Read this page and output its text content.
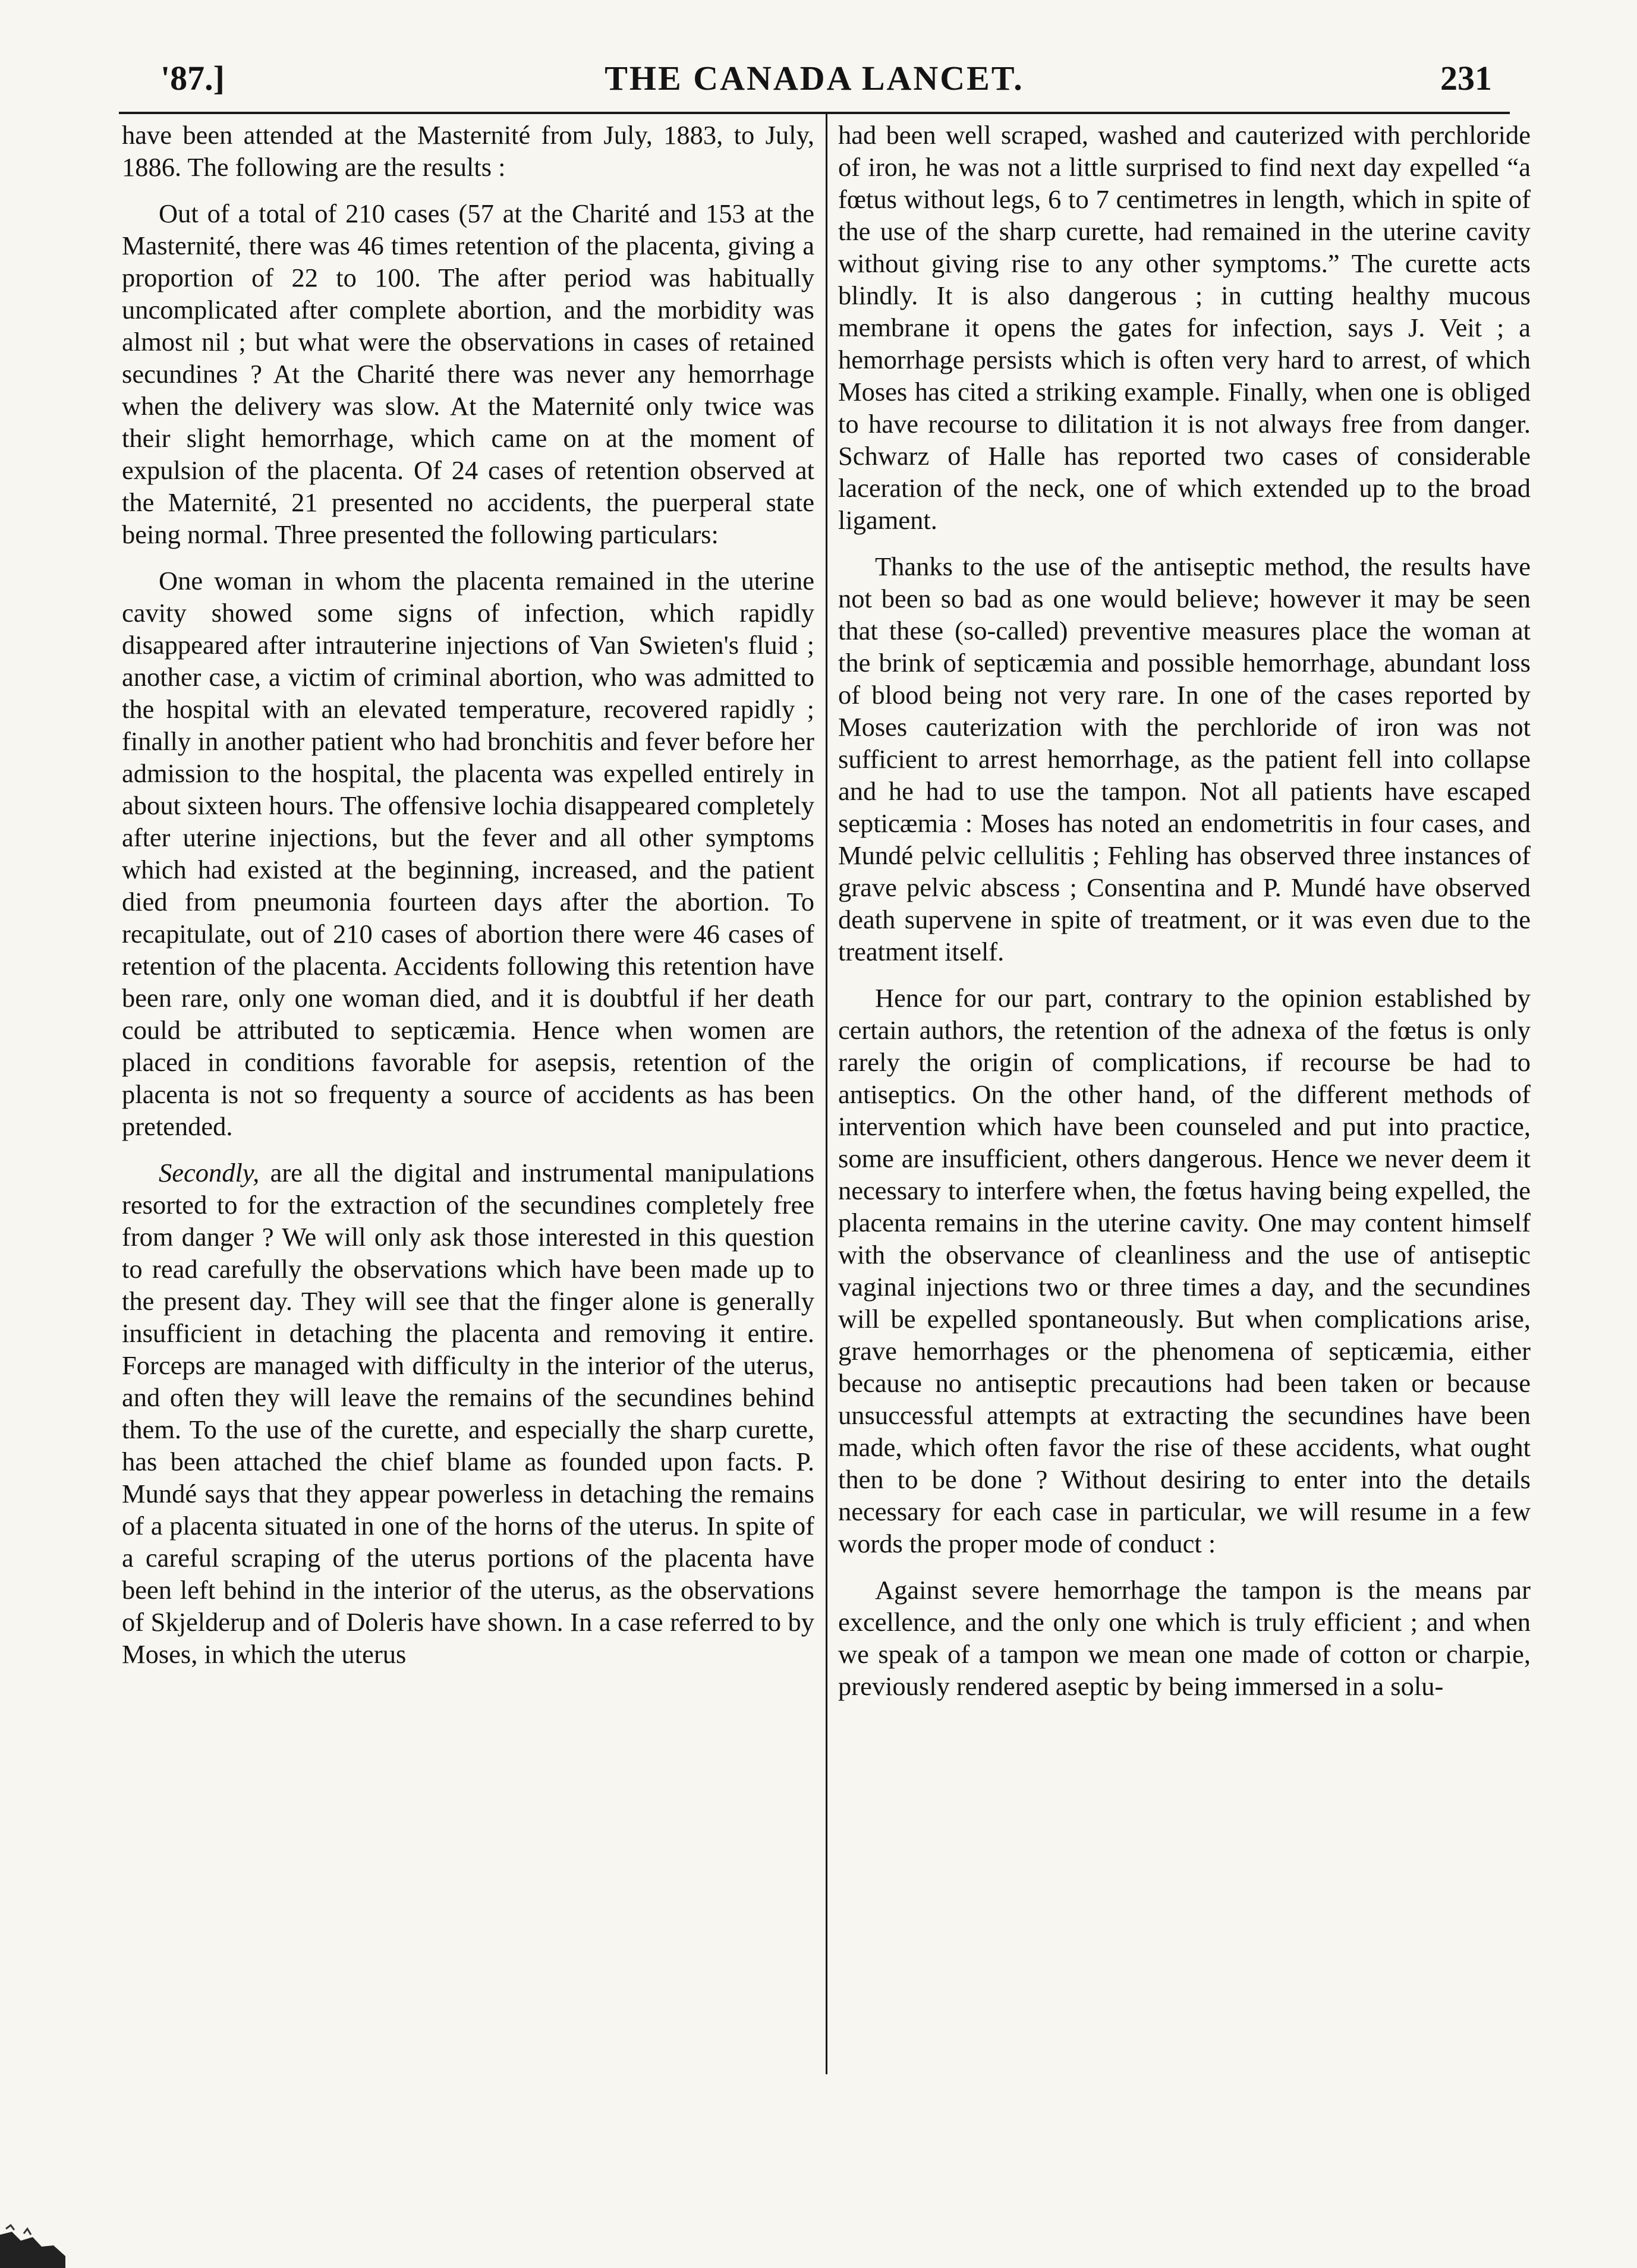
'87.]	THE CANADA LANCET.	231

have been attended at the Masternité from July, 1883, to July, 1886. The following are the results :

Out of a total of 210 cases (57 at the Charité and 153 at the Masternité, there was 46 times retention of the placenta, giving a proportion of 22 to 100. The after period was habitually uncomplicated after complete abortion, and the morbidity was almost nil ; but what were the observations in cases of retained secundines ? At the Charité there was never any hemorrhage when the delivery was slow. At the Maternité only twice was their slight hemorrhage, which came on at the moment of expulsion of the placenta. Of 24 cases of retention observed at the Maternité, 21 presented no accidents, the puerperal state being normal. Three presented the following particulars:

One woman in whom the placenta remained in the uterine cavity showed some signs of infection, which rapidly disappeared after intrauterine injections of Van Swieten's fluid ; another case, a victim of criminal abortion, who was admitted to the hospital with an elevated temperature, recovered rapidly ; finally in another patient who had bronchitis and fever before her admission to the hospital, the placenta was expelled entirely in about sixteen hours. The offensive lochia disappeared completely after uterine injections, but the fever and all other symptoms which had existed at the beginning, increased, and the patient died from pneumonia fourteen days after the abortion. To recapitulate, out of 210 cases of abortion there were 46 cases of retention of the placenta. Accidents following this retention have been rare, only one woman died, and it is doubtful if her death could be attributed to septicæmia. Hence when women are placed in conditions favorable for asepsis, retention of the placenta is not so frequenty a source of accidents as has been pretended.

Secondly, are all the digital and instrumental manipulations resorted to for the extraction of the secundines completely free from danger ? We will only ask those interested in this question to read carefully the observations which have been made up to the present day. They will see that the finger alone is generally insufficient in detaching the placenta and removing it entire. Forceps are managed with difficulty in the interior of the uterus, and often they will leave the remains of the secundines behind them. To the use of the curette, and especially the sharp curette, has been attached the chief blame as founded upon facts. P. Mundé says that they appear powerless in detaching the remains of a placenta situated in one of the horns of the uterus. In spite of a careful scraping of the uterus portions of the placenta have been left behind in the interior of the uterus, as the observations of Skjelderup and of Doleris have shown. In a case referred to by Moses, in which the uterus

had been well scraped, washed and cauterized with perchloride of iron, he was not a little surprised to find next day expelled “a fœtus without legs, 6 to 7 centimetres in length, which in spite of the use of the sharp curette, had remained in the uterine cavity without giving rise to any other symptoms.” The curette acts blindly. It is also dangerous ; in cutting healthy mucous membrane it opens the gates for infection, says J. Veit ; a hemorrhage persists which is often very hard to arrest, of which Moses has cited a striking example. Finally, when one is obliged to have recourse to dilitation it is not always free from danger. Schwarz of Halle has reported two cases of considerable laceration of the neck, one of which extended up to the broad ligament.

Thanks to the use of the antiseptic method, the results have not been so bad as one would believe; however it may be seen that these (so-called) preventive measures place the woman at the brink of septicæmia and possible hemorrhage, abundant loss of blood being not very rare. In one of the cases reported by Moses cauterization with the perchloride of iron was not sufficient to arrest hemorrhage, as the patient fell into collapse and he had to use the tampon. Not all patients have escaped septicæmia : Moses has noted an endometritis in four cases, and Mundé pelvic cellulitis ; Fehling has observed three instances of grave pelvic abscess ; Consentina and P. Mundé have observed death supervene in spite of treatment, or it was even due to the treatment itself.

Hence for our part, contrary to the opinion established by certain authors, the retention of the adnexa of the fœtus is only rarely the origin of complications, if recourse be had to antiseptics. On the other hand, of the different methods of intervention which have been counseled and put into practice, some are insufficient, others dangerous. Hence we never deem it necessary to interfere when, the fœtus having being expelled, the placenta remains in the uterine cavity. One may content himself with the observance of cleanliness and the use of antiseptic vaginal injections two or three times a day, and the secundines will be expelled spontaneously. But when complications arise, grave hemorrhages or the phenomena of septicæmia, either because no antiseptic precautions had been taken or because unsuccessful attempts at extracting the secundines have been made, which often favor the rise of these accidents, what ought then to be done ? Without desiring to enter into the details necessary for each case in particular, we will resume in a few words the proper mode of conduct :

Against severe hemorrhage the tampon is the means par excellence, and the only one which is truly efficient ; and when we speak of a tampon we mean one made of cotton or charpie, previously rendered aseptic by being immersed in a solu-
